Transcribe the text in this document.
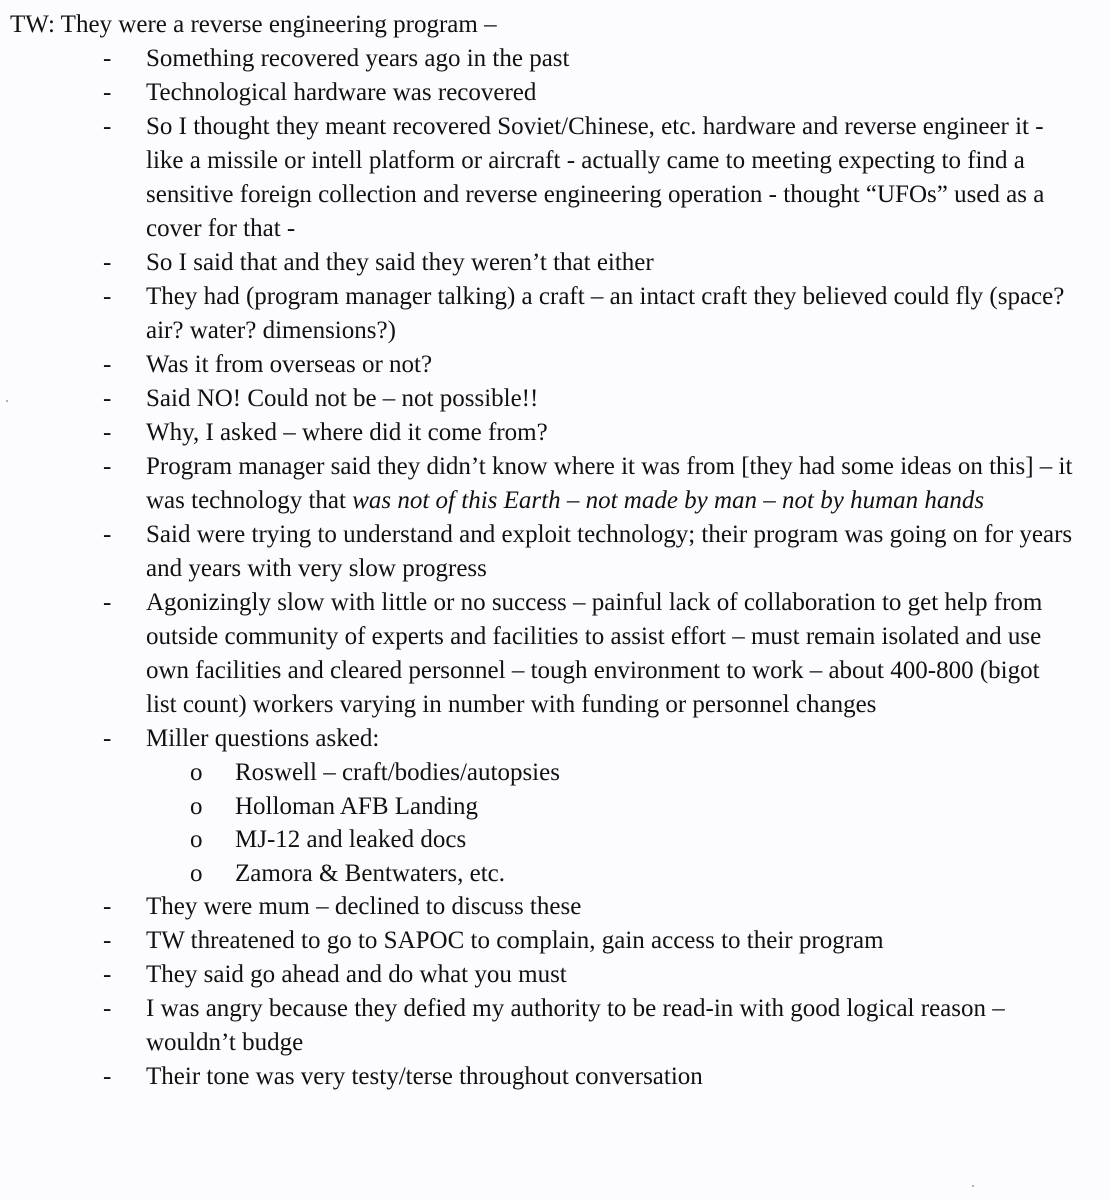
TW: They were a reverse engineering program –
- Something recovered years ago in the past
- Technological hardware was recovered
- So I thought they meant recovered Soviet/Chinese, etc. hardware and reverse engineer it - like a missile or intell platform or aircraft - actually came to meeting expecting to find a sensitive foreign collection and reverse engineering operation - thought “UFOs” used as a cover for that -
- So I said that and they said they weren’t that either
- They had (program manager talking) a craft – an intact craft they believed could fly (space? air? water? dimensions?)
- Was it from overseas or not?
- Said NO! Could not be – not possible!!
- Why, I asked – where did it come from?
- Program manager said they didn’t know where it was from [they had some ideas on this] – it was technology that was not of this Earth – not made by man – not by human hands
- Said were trying to understand and exploit technology; their program was going on for years and years with very slow progress
- Agonizingly slow with little or no success – painful lack of collaboration to get help from outside community of experts and facilities to assist effort – must remain isolated and use own facilities and cleared personnel – tough environment to work – about 400-800 (bigot list count) workers varying in number with funding or personnel changes
- Miller questions asked:
o Roswell – craft/bodies/autopsies
o Holloman AFB Landing
o MJ-12 and leaked docs
o Zamora & Bentwaters, etc.
- They were mum – declined to discuss these
- TW threatened to go to SAPOC to complain, gain access to their program
- They said go ahead and do what you must
- I was angry because they defied my authority to be read-in with good logical reason – wouldn’t budge
- Their tone was very testy/terse throughout conversation
